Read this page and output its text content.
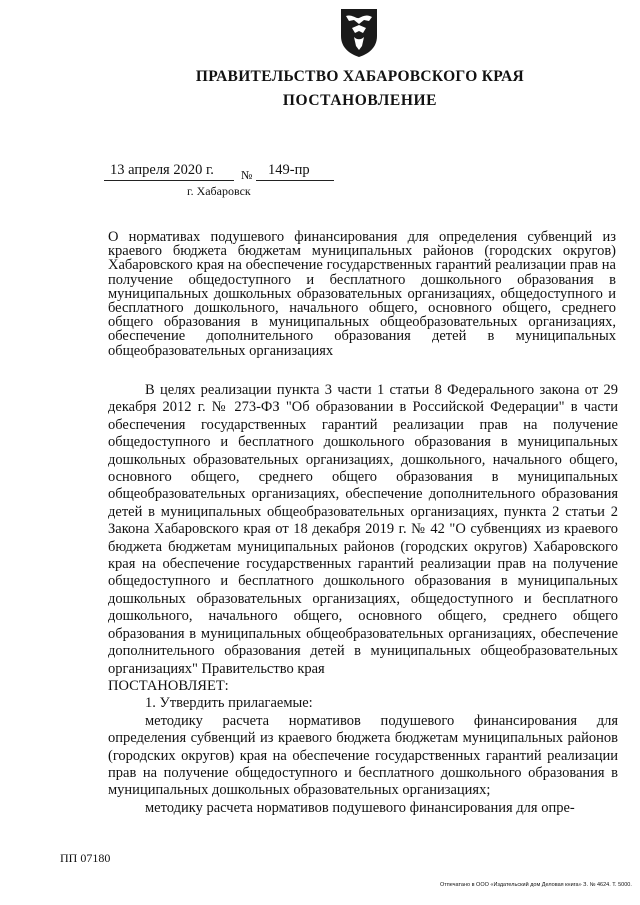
ПРАВИТЕЛЬСТВО ХАБАРОВСКОГО КРАЯ
ПОСТАНОВЛЕНИЕ
13 апреля 2020 г. № 149-пр
г. Хабаровск
О нормативах подушевого финансирования для определения субвенций из краевого бюджета бюджетам муниципальных районов (городских округов) Хабаровского края на обеспечение государственных гарантий реализации прав на получение общедоступного и бесплатного дошкольного образования в муниципальных дошкольных образовательных организациях, общедоступного и бесплатного дошкольного, начального общего, основного общего, среднего общего образования в муниципальных общеобразовательных организациях, обеспечение дополнительного образования детей в муниципальных общеобразовательных организациях

В целях реализации пункта 3 части 1 статьи 8 Федерального закона от 29 декабря 2012 г. № 273-ФЗ "Об образовании в Российской Федерации" в части обеспечения государственных гарантий реализации прав на получение общедоступного и бесплатного дошкольного образования в муниципальных дошкольных образовательных организациях, дошкольного, начального общего, основного общего, среднего общего образования в муниципальных общеобразовательных организациях, обеспечение дополнительного образования детей в муниципальных общеобразовательных организациях, пункта 2 статьи 2 Закона Хабаровского края от 18 декабря 2019 г. № 42 "О субвенциях из краевого бюджета бюджетам муниципальных районов (городских округов) Хабаровского края на обеспечение государственных гарантий реализации прав на получение общедоступного и бесплатного дошкольного образования в муниципальных дошкольных образовательных организациях, общедоступного и бесплатного дошкольного, начального общего, основного общего, среднего общего образования в муниципальных общеобразовательных организациях, обеспечение дополнительного образования детей в муниципальных общеобразовательных организациях" Правительство края

ПОСТАНОВЛЯЕТ:

1. Утвердить прилагаемые:

методику расчета нормативов подушевого финансирования для определения субвенций из краевого бюджета бюджетам муниципальных районов (городских округов) края на обеспечение государственных гарантий реализации прав на получение общедоступного и бесплатного дошкольного образования в муниципальных дошкольных образовательных организациях;

методику расчета нормативов подушевого финансирования для опре-

ПП 07180
Отпечатано в ООО «Издательский дом Деловая книга» З. № 4624. Т. 5000.
